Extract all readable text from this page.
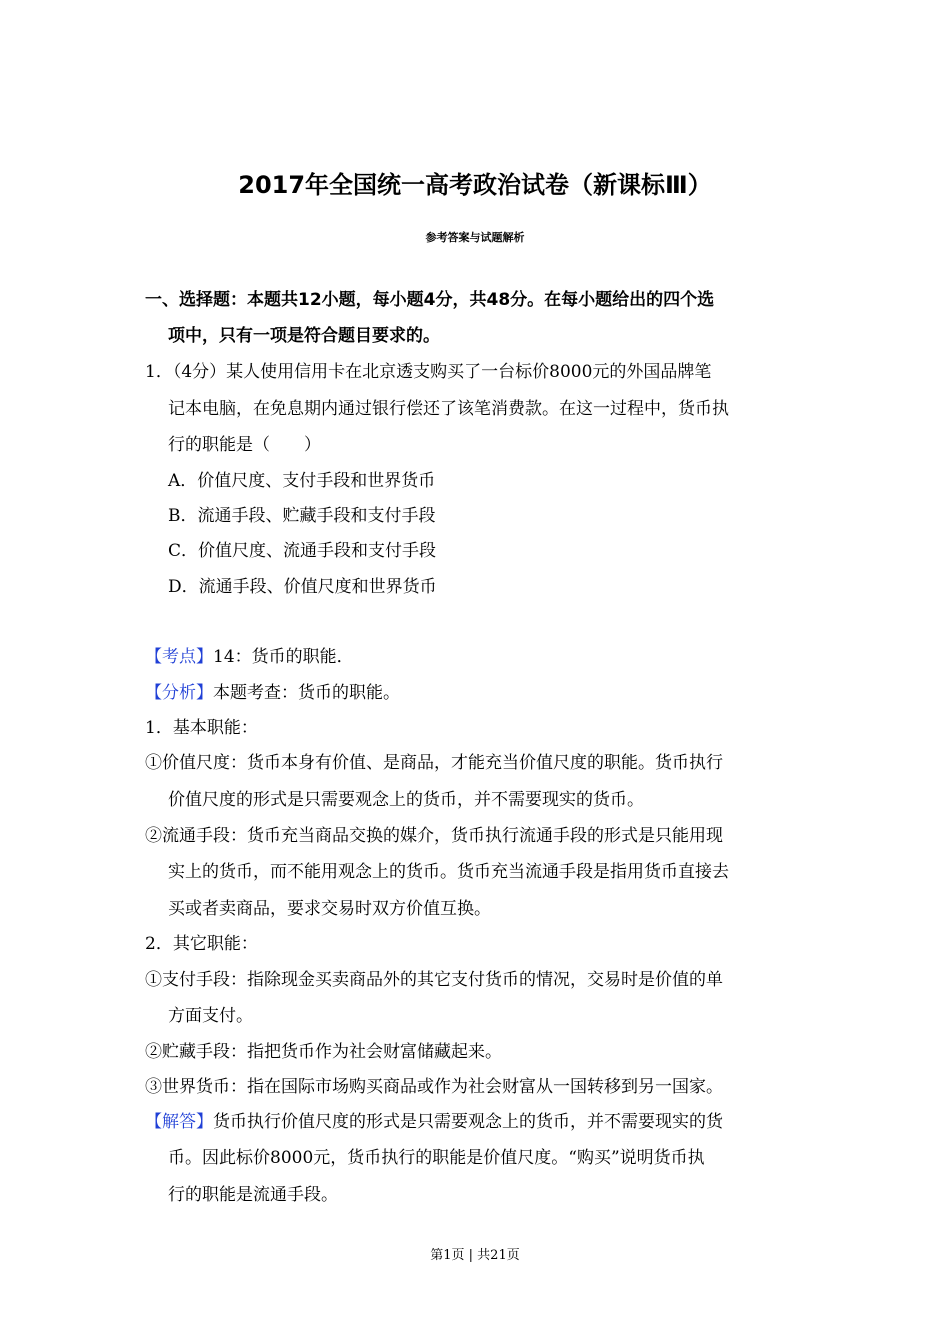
2017年全国统一高考政治试卷（新课标Ⅲ）
参考答案与试题解析
一、选择题：本题共12小题，每小题4分，共48分。在每小题给出的四个选
项中，只有一项是符合题目要求的。
1．（4分）某人使用信用卡在北京透支购买了一台标价8000元的外国品牌笔
记本电脑，在免息期内通过银行偿还了该笔消费款。在这一过程中，货币执
行的职能是（　　）
A．价值尺度、支付手段和世界货币
B．流通手段、贮藏手段和支付手段
C．价值尺度、流通手段和支付手段
D．流通手段、价值尺度和世界货币
【考点】14：货币的职能．
【分析】本题考查：货币的职能。
1．基本职能：
①价值尺度：货币本身有价值、是商品，才能充当价值尺度的职能。货币执行
价值尺度的形式是只需要观念上的货币，并不需要现实的货币。
②流通手段：货币充当商品交换的媒介，货币执行流通手段的形式是只能用现
实上的货币，而不能用观念上的货币。货币充当流通手段是指用货币直接去
买或者卖商品，要求交易时双方价值互换。
2．其它职能：
①支付手段：指除现金买卖商品外的其它支付货币的情况，交易时是价值的单
方面支付。
②贮藏手段：指把货币作为社会财富储藏起来。
③世界货币：指在国际市场购买商品或作为社会财富从一国转移到另一国家。
【解答】货币执行价值尺度的形式是只需要观念上的货币，并不需要现实的货
币。因此标价8000元，货币执行的职能是价值尺度。“购买”说明货币执
行的职能是流通手段。
第1页 | 共21页
